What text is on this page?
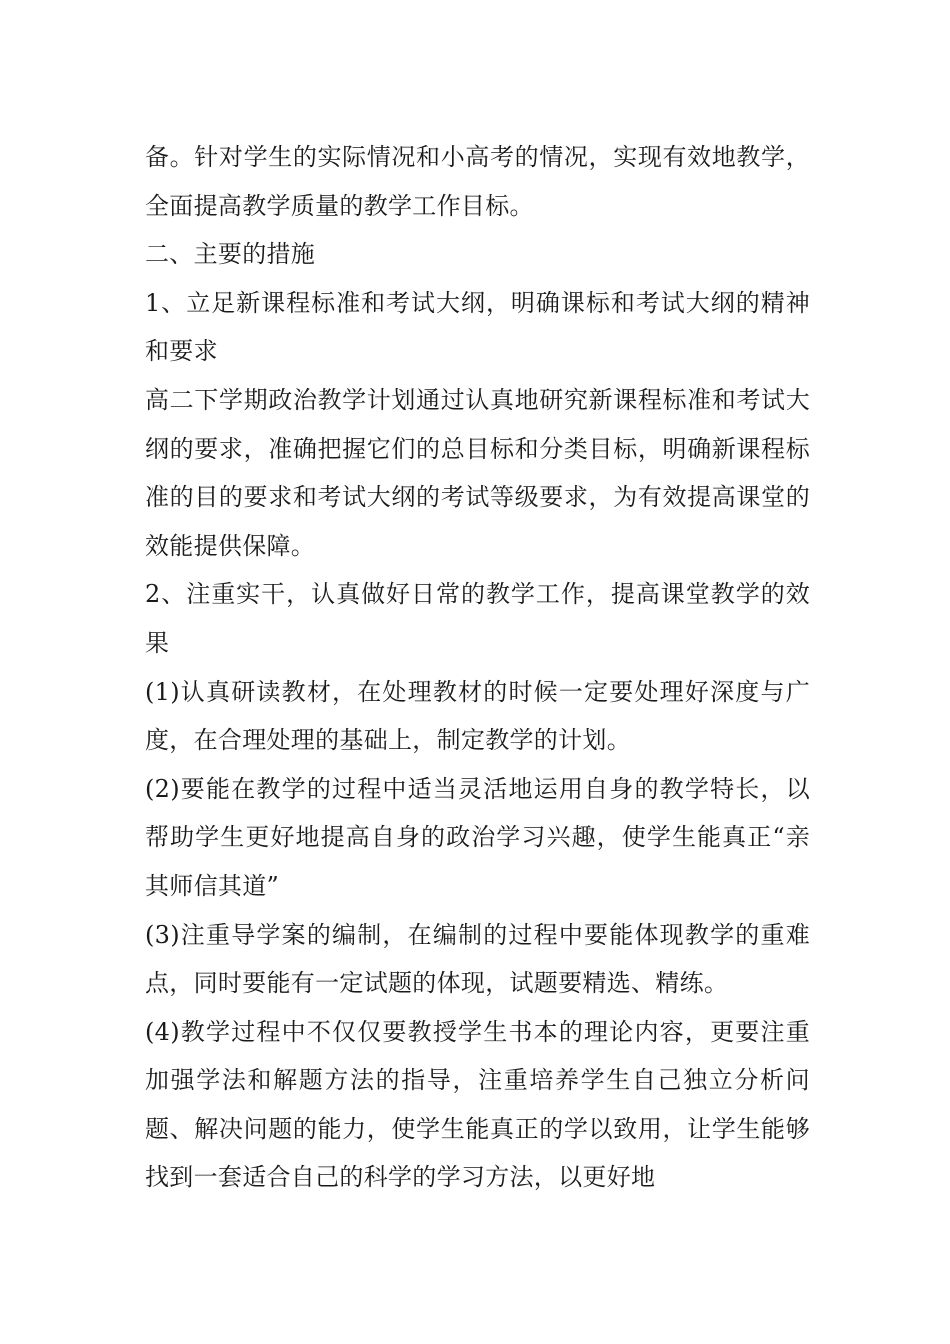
备。针对学生的实际情况和小高考的情况，实现有效地教学，全面提高教学质量的教学工作目标。

二、主要的措施

1、立足新课程标准和考试大纲，明确课标和考试大纲的精神和要求

高二下学期政治教学计划通过认真地研究新课程标准和考试大纲的要求，准确把握它们的总目标和分类目标，明确新课程标准的目的要求和考试大纲的考试等级要求，为有效提高课堂的效能提供保障。

2、注重实干，认真做好日常的教学工作，提高课堂教学的效果

(1)认真研读教材，在处理教材的时候一定要处理好深度与广度，在合理处理的基础上，制定教学的计划。

(2)要能在教学的过程中适当灵活地运用自身的教学特长，以帮助学生更好地提高自身的政治学习兴趣，使学生能真正“亲其师信其道”

(3)注重导学案的编制，在编制的过程中要能体现教学的重难点，同时要能有一定试题的体现，试题要精选、精练。

(4)教学过程中不仅仅要教授学生书本的理论内容，更要注重加强学法和解题方法的指导，注重培养学生自己独立分析问题、解决问题的能力，使学生能真正的学以致用，让学生能够找到一套适合自己的科学的学习方法，以更好地
